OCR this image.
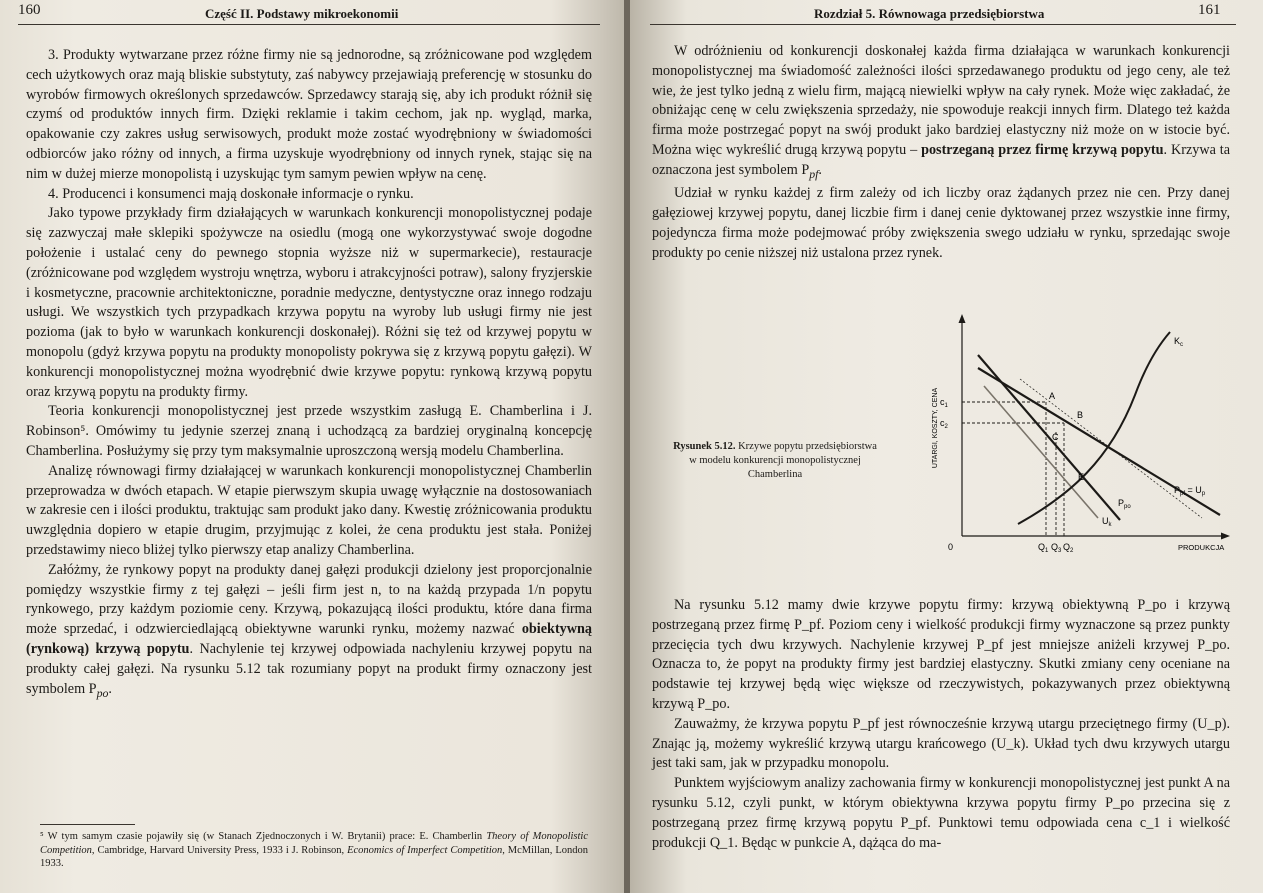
160	Część II. Podstawy mikroekonomii

3. Produkty wytwarzane przez różne firmy nie są jednorodne, są zróżnicowane pod względem cech użytkowych oraz mają bliskie substytuty, zaś nabywcy przejawiają preferencję w stosunku do wyrobów firmowych określonych sprzedawców. Sprzedawcy starają się, aby ich produkt różnił się czymś od produktów innych firm. Dzięki reklamie i takim cechom, jak np. wygląd, marka, opakowanie czy zakres usług serwisowych, produkt może zostać wyodrębniony w świadomości odbiorców jako różny od innych, a firma uzyskuje wyodrębniony od innych rynek, stając się na nim w dużej mierze monopolistą i uzyskując tym samym pewien wpływ na cenę.

4. Producenci i konsumenci mają doskonałe informacje o rynku.

Jako typowe przykłady firm działających w warunkach konkurencji monopolistycznej podaje się zazwyczaj małe sklepiki spożywcze na osiedlu (mogą one wykorzystywać swoje dogodne położenie i ustalać ceny do pewnego stopnia wyższe niż w supermarkecie), restauracje (zróżnicowane pod względem wystroju wnętrza, wyboru i atrakcyjności potraw), salony fryzjerskie i kosmetyczne, pracownie architektoniczne, poradnie medyczne, dentystyczne oraz innego rodzaju usługi. We wszystkich tych przypadkach krzywa popytu na wyroby lub usługi firmy nie jest pozioma (jak to było w warunkach konkurencji doskonałej). Różni się też od krzywej popytu w monopolu (gdyż krzywa popytu na produkty monopolisty pokrywa się z krzywą popytu gałęzi). W konkurencji monopolistycznej można wyodrębnić dwie krzywe popytu: rynkową krzywą popytu oraz krzywą popytu na produkty firmy.

Teoria konkurencji monopolistycznej jest przede wszystkim zasługą E. Chamberlina i J. Robinson⁵. Omówimy tu jedynie szerzej znaną i uchodzącą za bardziej oryginalną koncepcję Chamberlina. Posłużymy się przy tym maksymalnie uproszczoną wersją modelu Chamberlina.

Analizę równowagi firmy działającej w warunkach konkurencji monopolistycznej Chamberlin przeprowadza w dwóch etapach. W etapie pierwszym skupia uwagę wyłącznie na dostosowaniach w zakresie cen i ilości produktu, traktując sam produkt jako dany. Kwestię zróżnicowania produktu uwzględnia dopiero w etapie drugim, przyjmując z kolei, że cena produktu jest stała. Poniżej przedstawimy nieco bliżej tylko pierwszy etap analizy Chamberlina.

Załóżmy, że rynkowy popyt na produkty danej gałęzi produkcji dzielony jest proporcjonalnie pomiędzy wszystkie firmy z tej gałęzi – jeśli firm jest n, to na każdą przypada 1/n popytu rynkowego, przy każdym poziomie ceny. Krzywą, pokazującą ilości produktu, które dana firma może sprzedać, i odzwierciedlającą obiektywne warunki rynku, możemy nazwać obiektywną (rynkową) krzywą popytu. Nachylenie tej krzywej odpowiada nachyleniu krzywej popytu na produkty całej gałęzi. Na rysunku 5.12 tak rozumiany popyt na produkt firmy oznaczony jest symbolem $P_{po}$.

⁵ W tym samym czasie pojawiły się (w Stanach Zjednoczonych i W. Brytanii) prace: E. Chamberlin Theory of Monopolistic Competition, Cambridge, Harvard University Press, 1933 i J. Robinson, Economics of Imperfect Competition, McMillan, London 1933.
Rozdział 5. Równowaga przedsiębiorstwa	161

W odróżnieniu od konkurencji doskonałej każda firma działająca w warunkach konkurencji monopolistycznej ma świadomość zależności ilości sprzedawanego produktu od jego ceny, ale też wie, że jest tylko jedną z wielu firm, mającą niewielki wpływ na cały rynek. Może więc zakładać, że obniżając cenę w celu zwiększenia sprzedaży, nie spowoduje reakcji innych firm. Dlatego też każda firma może postrzegać popyt na swój produkt jako bardziej elastyczny niż może on w istocie być. Można więc wykreślić drugą krzywą popytu – postrzeganą przez firmę krzywą popytu. Krzywa ta oznaczona jest symbolem $P_{pf}$.

Udział w rynku każdej z firm zależy od ich liczby oraz żądanych przez nie cen. Przy danej gałęziowej krzywej popytu, danej liczbie firm i danej cenie dyktowanej przez wszystkie inne firmy, pojedyncza firma może podejmować próby zwiększenia swego udziału w rynku, sprzedając swoje produkty po cenie niższej niż ustalona przez rynek.

Rysunek 5.12. Krzywe popytu przedsiębiorstwa w modelu konkurencji monopolistycznej Chamberlina
UTARGI, KOSZTY, CENA
PRODUKCJA
0
$c_1$
$c_2$
$Q_1$ $Q_3$ $Q_2$
A
B
C
E
$K_c$
$P_{po}$
$U_k$
$P_{pf} = U_p$

Na rysunku 5.12 mamy dwie krzywe popytu firmy: krzywą obiektywną P_po i krzywą postrzeganą przez firmę P_pf. Poziom ceny i wielkość produkcji firmy wyznaczone są przez punkty przecięcia tych dwu krzywych. Nachylenie krzywej P_pf jest mniejsze aniżeli krzywej P_po. Oznacza to, że popyt na produkty firmy jest bardziej elastyczny. Skutki zmiany ceny oceniane na podstawie tej krzywej będą więc większe od rzeczywistych, pokazywanych przez obiektywną krzywą P_po.

Zauważmy, że krzywa popytu P_pf jest równocześnie krzywą utargu przeciętnego firmy (U_p). Znając ją, możemy wykreślić krzywą utargu krańcowego (U_k). Układ tych dwu krzywych utargu jest taki sam, jak w przypadku monopolu.

Punktem wyjściowym analizy zachowania firmy w konkurencji monopolistycznej jest punkt A na rysunku 5.12, czyli punkt, w którym obiektywna krzywa popytu firmy P_po przecina się z postrzeganą przez firmę krzywą popytu P_pf. Punktowi temu odpowiada cena c_1 i wielkość produkcji Q_1. Będąc w punkcie A, dążąca do ma-
